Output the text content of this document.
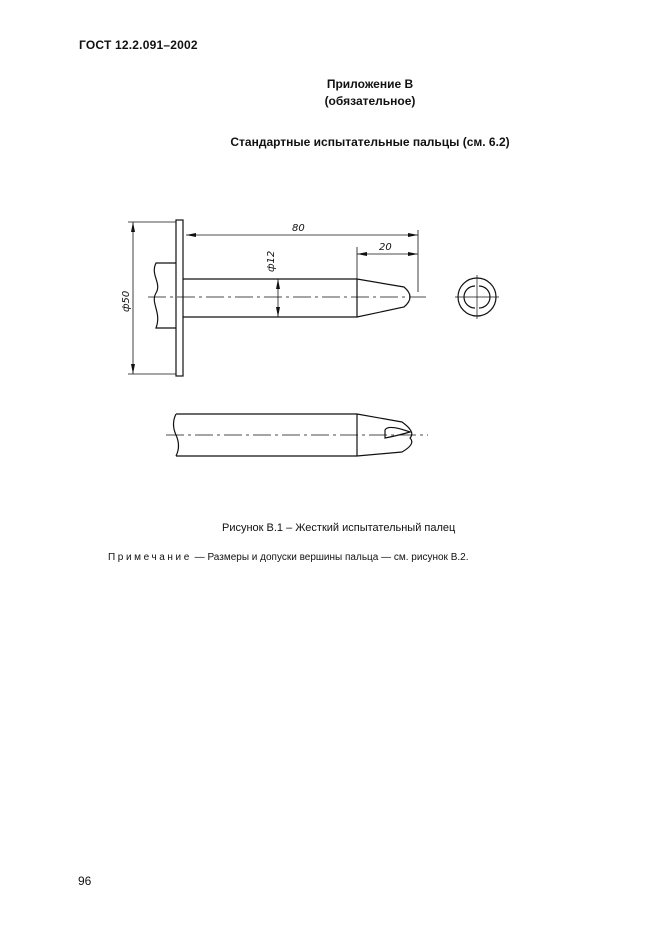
ГОСТ 12.2.091–2002
Приложение В
(обязательное)
Стандартные испытательные пальцы (см. 6.2)
80
20
ф12
ф50
Рисунок В.1 – Жесткий испытательный палец
Примечание — Размеры и допуски вершины пальца — см. рисунок В.2.
96
